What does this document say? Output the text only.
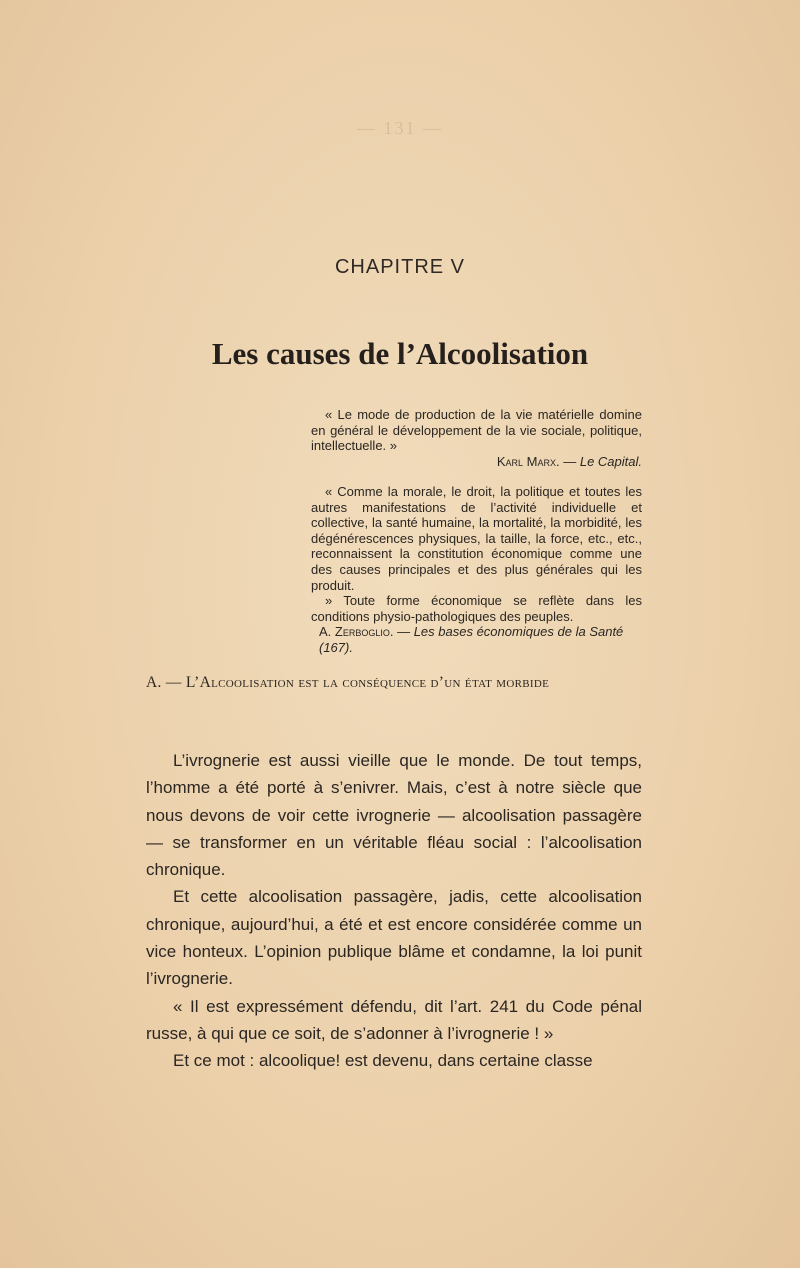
— 131 —
CHAPITRE V
Les causes de l’Alcoolisation

« Le mode de production de la vie matérielle domine en général le développement de la vie sociale, politique, intellectuelle. »

Karl Marx. — Le Capital.

« Comme la morale, le droit, la politique et toutes les autres manifestations de l’activité individuelle et collective, la santé humaine, la mortalité, la morbidité, les dégénérescences physiques, la taille, la force, etc., etc., reconnaissent la constitution économique comme une des causes principales et des plus générales qui les produit.

» Toute forme économique se reflète dans les conditions physio-pathologiques des peuples.

A. Zerboglio. — Les bases économiques de la Santé (167).

A. — L’Alcoolisation est la conséquence d’un état morbide

L’ivrognerie est aussi vieille que le monde. De tout temps, l’homme a été porté à s’enivrer. Mais, c’est à notre siècle que nous devons de voir cette ivrognerie — alcoolisation passagère — se transformer en un véritable fléau social : l’alcoolisation chronique.

Et cette alcoolisation passagère, jadis, cette alcoolisation chronique, aujourd’hui, a été et est encore considérée comme un vice honteux. L’opinion publique blâme et condamne, la loi punit l’ivrognerie.

« Il est expressément défendu, dit l’art. 241 du Code pénal russe, à qui que ce soit, de s’adonner à l’ivrognerie ! »

Et ce mot : alcoolique! est devenu, dans certaine classe
